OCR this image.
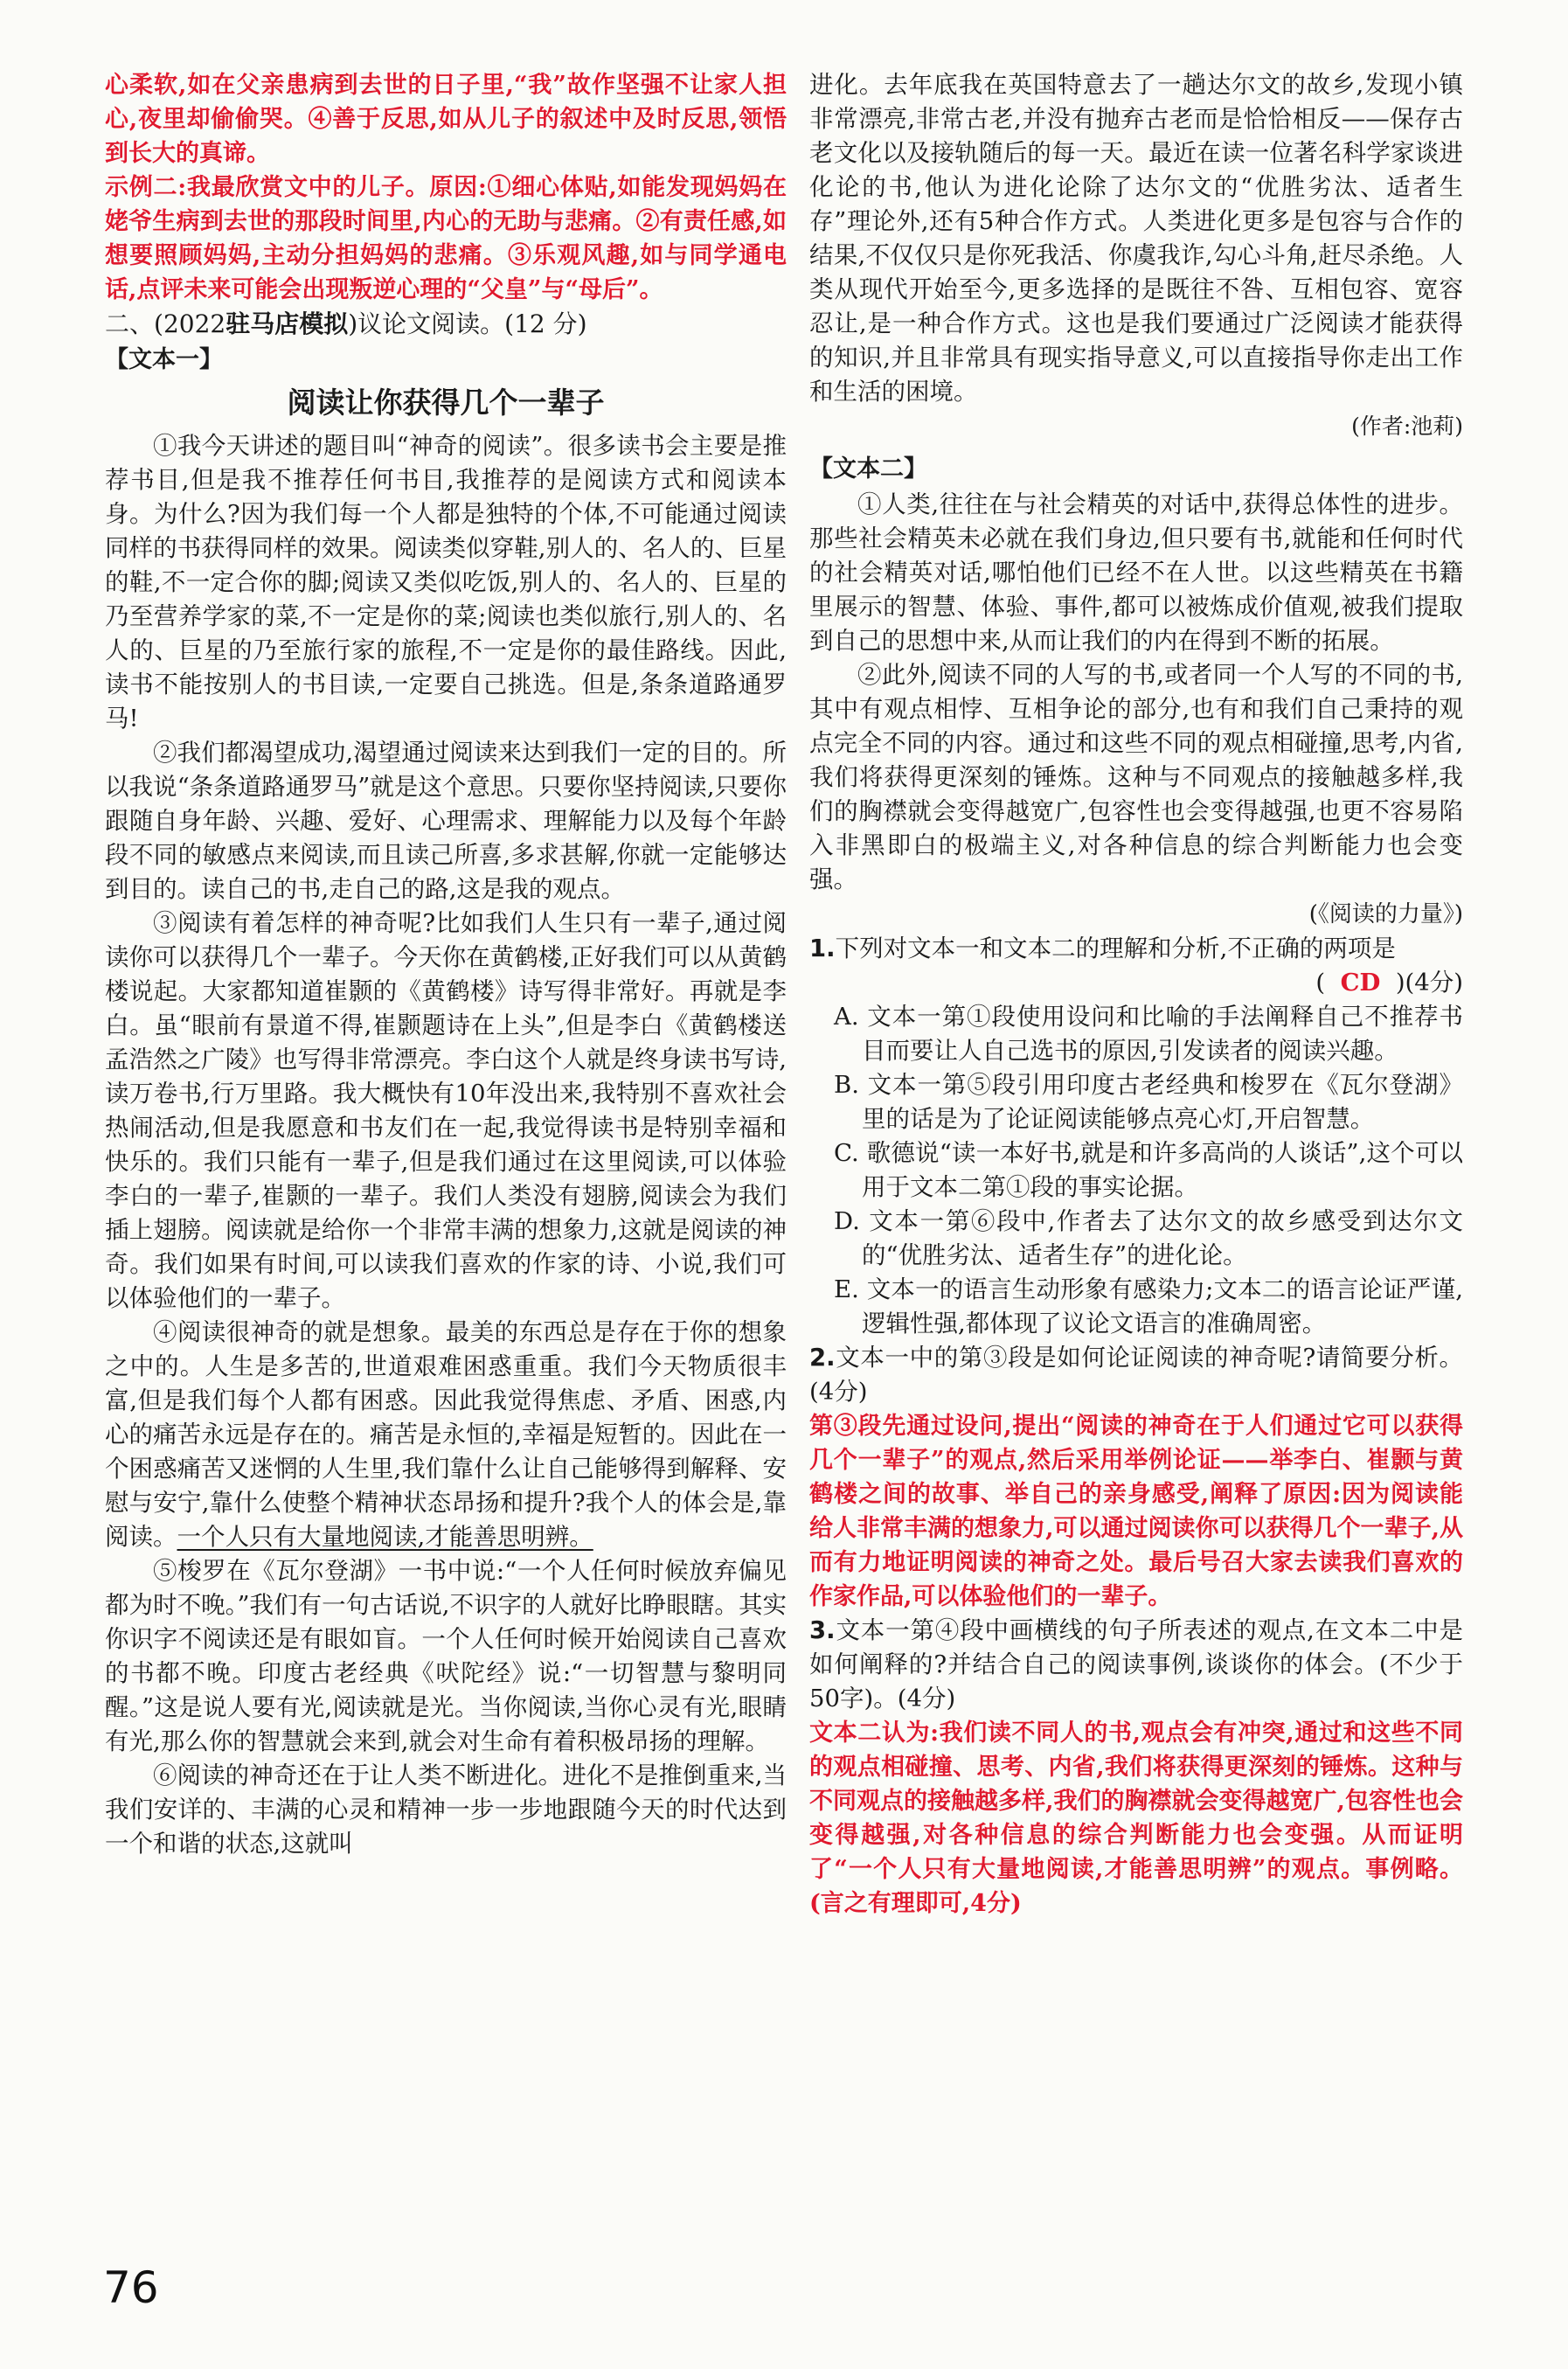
心柔软,如在父亲患病到去世的日子里,“我”故作坚强不让家人担心,夜里却偷偷哭。④善于反思,如从儿子的叙述中及时反思,领悟到长大的真谛。

示例二:我最欣赏文中的儿子。原因:①细心体贴,如能发现妈妈在姥爷生病到去世的那段时间里,内心的无助与悲痛。②有责任感,如想要照顾妈妈,主动分担妈妈的悲痛。③乐观风趣,如与同学通电话,点评未来可能会出现叛逆心理的“父皇”与“母后”。

二、(2022驻马店模拟)议论文阅读。(12 分)

【文本一】

阅读让你获得几个一辈子

①我今天讲述的题目叫“神奇的阅读”。很多读书会主要是推荐书目,但是我不推荐任何书目,我推荐的是阅读方式和阅读本身。为什么?因为我们每一个人都是独特的个体,不可能通过阅读同样的书获得同样的效果。阅读类似穿鞋,别人的、名人的、巨星的鞋,不一定合你的脚;阅读又类似吃饭,别人的、名人的、巨星的乃至营养学家的菜,不一定是你的菜;阅读也类似旅行,别人的、名人的、巨星的乃至旅行家的旅程,不一定是你的最佳路线。因此,读书不能按别人的书目读,一定要自己挑选。但是,条条道路通罗马!

②我们都渴望成功,渴望通过阅读来达到我们一定的目的。所以我说“条条道路通罗马”就是这个意思。只要你坚持阅读,只要你跟随自身年龄、兴趣、爱好、心理需求、理解能力以及每个年龄段不同的敏感点来阅读,而且读己所喜,多求甚解,你就一定能够达到目的。读自己的书,走自己的路,这是我的观点。

③阅读有着怎样的神奇呢?比如我们人生只有一辈子,通过阅读你可以获得几个一辈子。今天你在黄鹤楼,正好我们可以从黄鹤楼说起。大家都知道崔颢的《黄鹤楼》诗写得非常好。再就是李白。虽“眼前有景道不得,崔颢题诗在上头”,但是李白《黄鹤楼送孟浩然之广陵》也写得非常漂亮。李白这个人就是终身读书写诗,读万卷书,行万里路。我大概快有10年没出来,我特别不喜欢社会热闹活动,但是我愿意和书友们在一起,我觉得读书是特别幸福和快乐的。我们只能有一辈子,但是我们通过在这里阅读,可以体验李白的一辈子,崔颢的一辈子。我们人类没有翅膀,阅读会为我们插上翅膀。阅读就是给你一个非常丰满的想象力,这就是阅读的神奇。我们如果有时间,可以读我们喜欢的作家的诗、小说,我们可以体验他们的一辈子。

④阅读很神奇的就是想象。最美的东西总是存在于你的想象之中的。人生是多苦的,世道艰难困惑重重。我们今天物质很丰富,但是我们每个人都有困惑。因此我觉得焦虑、矛盾、困惑,内心的痛苦永远是存在的。痛苦是永恒的,幸福是短暂的。因此在一个困惑痛苦又迷惘的人生里,我们靠什么让自己能够得到解释、安慰与安宁,靠什么使整个精神状态昂扬和提升?我个人的体会是,靠阅读。一个人只有大量地阅读,才能善思明辨。

⑤梭罗在《瓦尔登湖》一书中说:“一个人任何时候放弃偏见都为时不晚。”我们有一句古话说,不识字的人就好比睁眼瞎。其实你识字不阅读还是有眼如盲。一个人任何时候开始阅读自己喜欢的书都不晚。印度古老经典《吠陀经》说:“一切智慧与黎明同醒。”这是说人要有光,阅读就是光。当你阅读,当你心灵有光,眼睛有光,那么你的智慧就会来到,就会对生命有着积极昂扬的理解。

⑥阅读的神奇还在于让人类不断进化。进化不是推倒重来,当我们安详的、丰满的心灵和精神一步一步地跟随今天的时代达到一个和谐的状态,这就叫

进化。去年底我在英国特意去了一趟达尔文的故乡,发现小镇非常漂亮,非常古老,并没有抛弃古老而是恰恰相反——保存古老文化以及接轨随后的每一天。最近在读一位著名科学家谈进化论的书,他认为进化论除了达尔文的“优胜劣汰、适者生存”理论外,还有5种合作方式。人类进化更多是包容与合作的结果,不仅仅只是你死我活、你虞我诈,勾心斗角,赶尽杀绝。人类从现代开始至今,更多选择的是既往不咎、互相包容、宽容忍让,是一种合作方式。这也是我们要通过广泛阅读才能获得的知识,并且非常具有现实指导意义,可以直接指导你走出工作和生活的困境。

(作者:池莉)

【文本二】

①人类,往往在与社会精英的对话中,获得总体性的进步。那些社会精英未必就在我们身边,但只要有书,就能和任何时代的社会精英对话,哪怕他们已经不在人世。以这些精英在书籍里展示的智慧、体验、事件,都可以被炼成价值观,被我们提取到自己的思想中来,从而让我们的内在得到不断的拓展。

②此外,阅读不同的人写的书,或者同一个人写的不同的书,其中有观点相悖、互相争论的部分,也有和我们自己秉持的观点完全不同的内容。通过和这些不同的观点相碰撞,思考,内省,我们将获得更深刻的锤炼。这种与不同观点的接触越多样,我们的胸襟就会变得越宽广,包容性也会变得越强,也更不容易陷入非黑即白的极端主义,对各种信息的综合判断能力也会变强。

(《阅读的力量》)

1.下列对文本一和文本二的理解和分析,不正确的两项是

( CD )(4分)

A. 文本一第①段使用设问和比喻的手法阐释自己不推荐书目而要让人自己选书的原因,引发读者的阅读兴趣。

B. 文本一第⑤段引用印度古老经典和梭罗在《瓦尔登湖》里的话是为了论证阅读能够点亮心灯,开启智慧。

C. 歌德说“读一本好书,就是和许多高尚的人谈话”,这个可以用于文本二第①段的事实论据。

D. 文本一第⑥段中,作者去了达尔文的故乡感受到达尔文的“优胜劣汰、适者生存”的进化论。

E. 文本一的语言生动形象有感染力;文本二的语言论证严谨,逻辑性强,都体现了议论文语言的准确周密。

2.文本一中的第③段是如何论证阅读的神奇呢?请简要分析。(4分)

第③段先通过设问,提出“阅读的神奇在于人们通过它可以获得几个一辈子”的观点,然后采用举例论证——举李白、崔颢与黄鹤楼之间的故事、举自己的亲身感受,阐释了原因:因为阅读能给人非常丰满的想象力,可以通过阅读你可以获得几个一辈子,从而有力地证明阅读的神奇之处。最后号召大家去读我们喜欢的作家作品,可以体验他们的一辈子。

3.文本一第④段中画横线的句子所表述的观点,在文本二中是如何阐释的?并结合自己的阅读事例,谈谈你的体会。(不少于50字)。(4分)

文本二认为:我们读不同人的书,观点会有冲突,通过和这些不同的观点相碰撞、思考、内省,我们将获得更深刻的锤炼。这种与不同观点的接触越多样,我们的胸襟就会变得越宽广,包容性也会变得越强,对各种信息的综合判断能力也会变强。从而证明了“一个人只有大量地阅读,才能善思明辨”的观点。事例略。(言之有理即可,4分)

76
